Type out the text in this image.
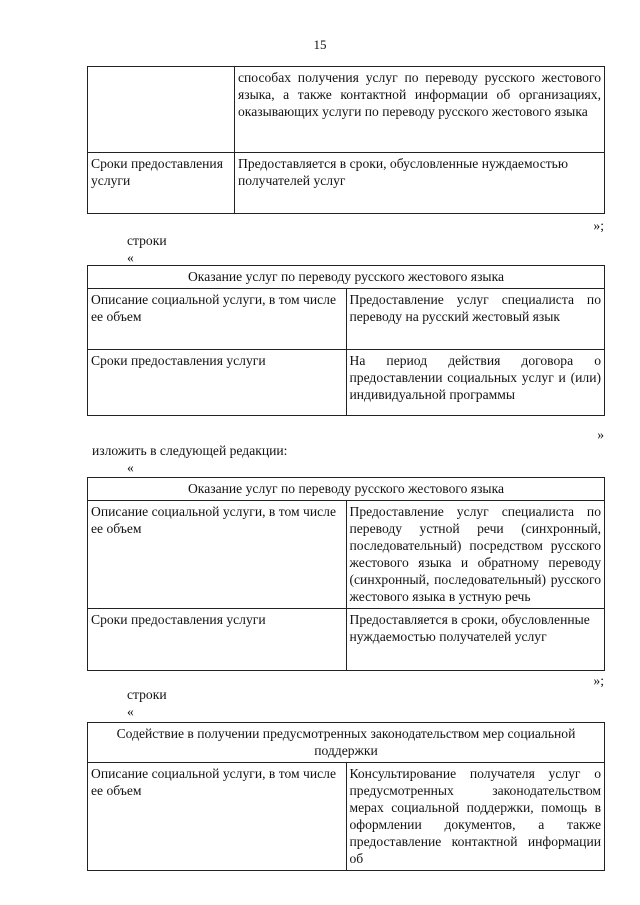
15
	способах получения услуг по переводу русского жестового языка, а также контактной информации об организациях, оказывающих услуги по переводу русского жестового языка
Сроки предоставления услуги	Предоставляется в сроки, обусловленные нуждаемостью получателей услуг
»;
строки
«
Оказание услуг по переводу русского жестового языка	
Описание социальной услуги, в том числе ее объем	Предоставление услуг специалиста по переводу на русский жестовый язык
Сроки предоставления услуги	На период действия договора о предоставлении социальных услуг и (или) индивидуальной программы
»
изложить в следующей редакции:
«
Оказание услуг по переводу русского жестового языка	
Описание социальной услуги, в том числе ее объем	Предоставление услуг специалиста по переводу устной речи (синхронный, последовательный) посредством русского жестового языка и обратному переводу (синхронный, последовательный) русского жестового языка в устную речь
Сроки предоставления услуги	Предоставляется в сроки, обусловленные нуждаемостью получателей услуг
»;
строки
«
Содействие в получении предусмотренных законодательством мер социальной поддержки
Описание социальной услуги, в том числе ее объем	Консультирование получателя услуг о предусмотренных законодательством мерах социальной поддержки, помощь в оформлении документов, а также предоставление контактной информации об
